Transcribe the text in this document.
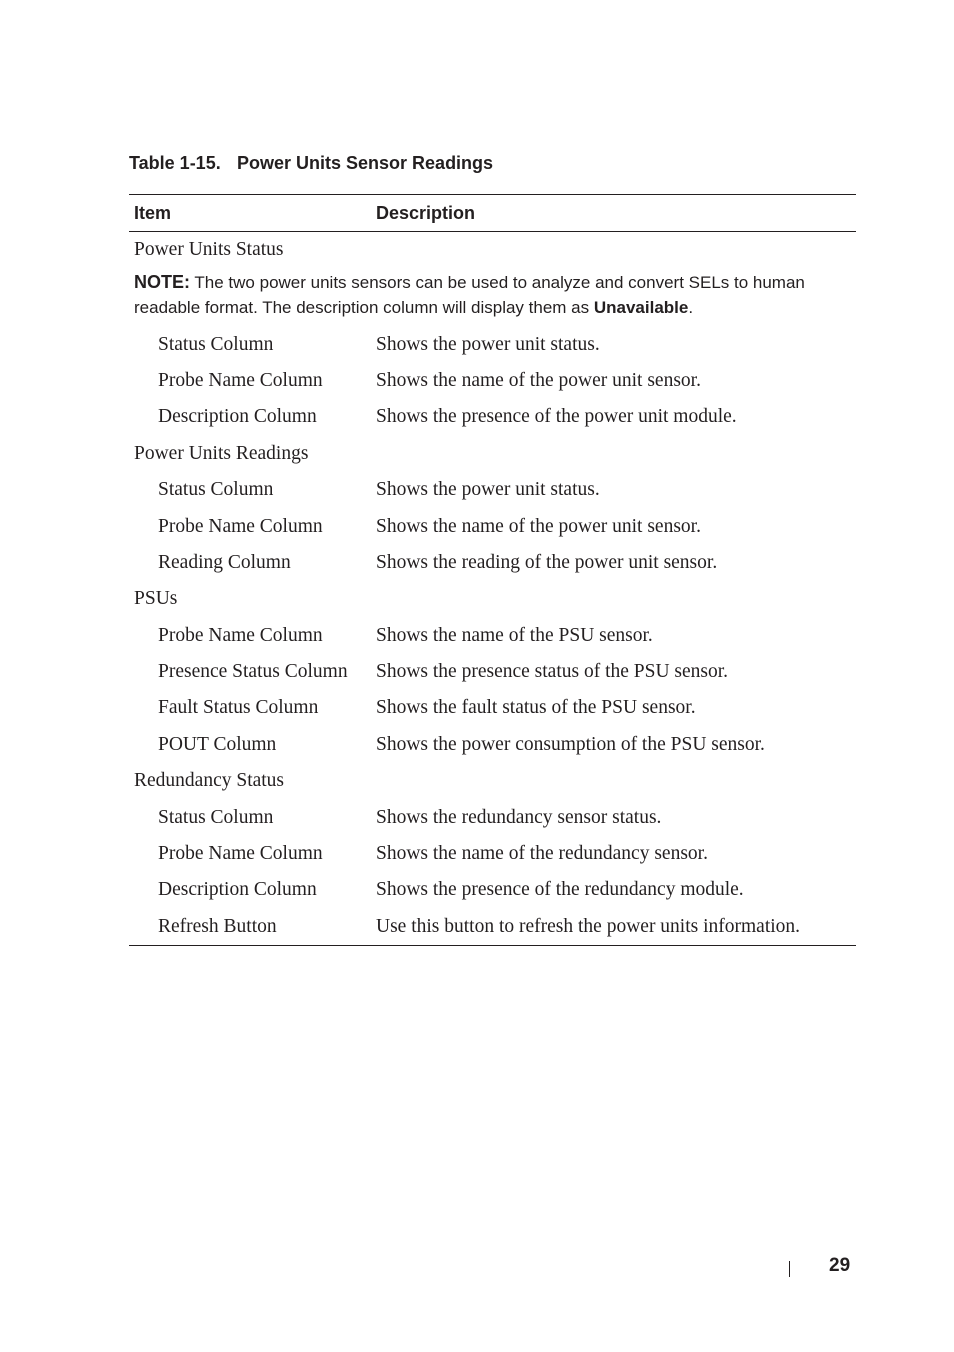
Table 1-15. Power Units Sensor Readings
Item	Description
Power Units Status
NOTE: The two power units sensors can be used to analyze and convert SELs to human readable format. The description column will display them as Unavailable.
Status Column	Shows the power unit status.
Probe Name Column	Shows the name of the power unit sensor.
Description Column	Shows the presence of the power unit module.
Power Units Readings
Status Column	Shows the power unit status.
Probe Name Column	Shows the name of the power unit sensor.
Reading Column	Shows the reading of the power unit sensor.
PSUs
Probe Name Column	Shows the name of the PSU sensor.
Presence Status Column	Shows the presence status of the PSU sensor.
Fault Status Column	Shows the fault status of the PSU sensor.
POUT Column	Shows the power consumption of the PSU sensor.
Redundancy Status
Status Column	Shows the redundancy sensor status.
Probe Name Column	Shows the name of the redundancy sensor.
Description Column	Shows the presence of the redundancy module.
Refresh Button	Use this button to refresh the power units information.
29
